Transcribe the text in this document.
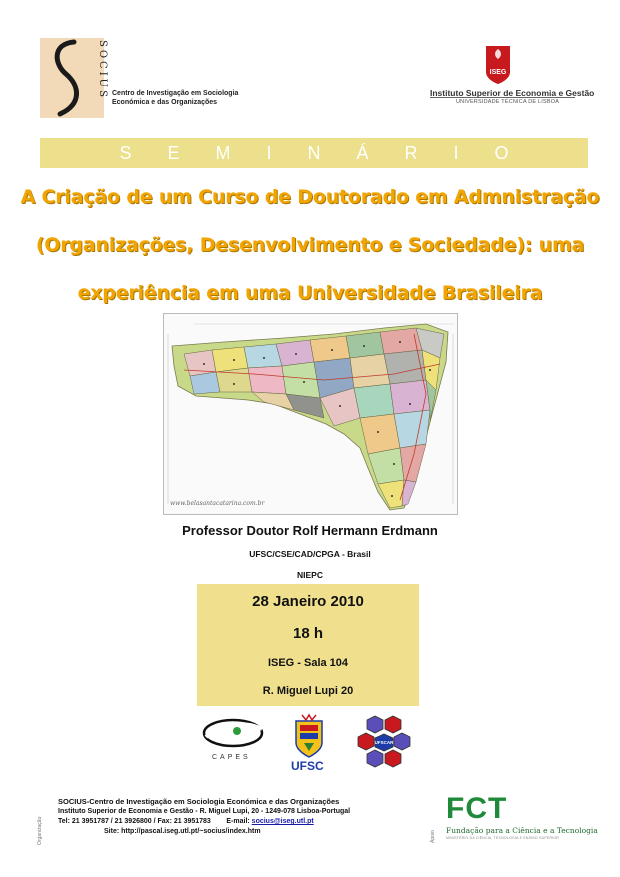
SOCIUS Centro de Investigação em Sociologia
Económica e das Organizações
ISEG
Instituto Superior de Economia e Gestão
UNIVERSIDADE TÉCNICA DE LISBOA
SEMINÁRIO
A Criação de um Curso de Doutorado em Admnistração
(Organizações, Desenvolvimento e Sociedade): uma
experiência em uma Universidade Brasileira
www.belasantacatarina.com.br
Professor Doutor Rolf Hermann Erdmann
UFSC/CSE/CAD/CPGA - Brasil
NIEPC
28 Janeiro 2010
18 h
ISEG - Sala 104
R. Miguel Lupi 20
CAPES
UFSC
UFSCAR
Organização
SOCIUS-Centro de Investigação em Sociologia Económica e das Organizações
Instituto Superior de Economia e Gestão - R. Miguel Lupi, 20 - 1249-078 Lisboa-Portugal
Tel: 21 3951787 / 21 3926800 / Fax: 21 3951783        E-mail: socius@iseg.utl.pt
Site: http://pascal.iseg.utl.pt/~socius/index.htm	Apoio
FCT
Fundação para a Ciência e a Tecnologia
MINISTÉRIO DA CIÊNCIA, TECNOLOGIA E ENSINO SUPERIOR
